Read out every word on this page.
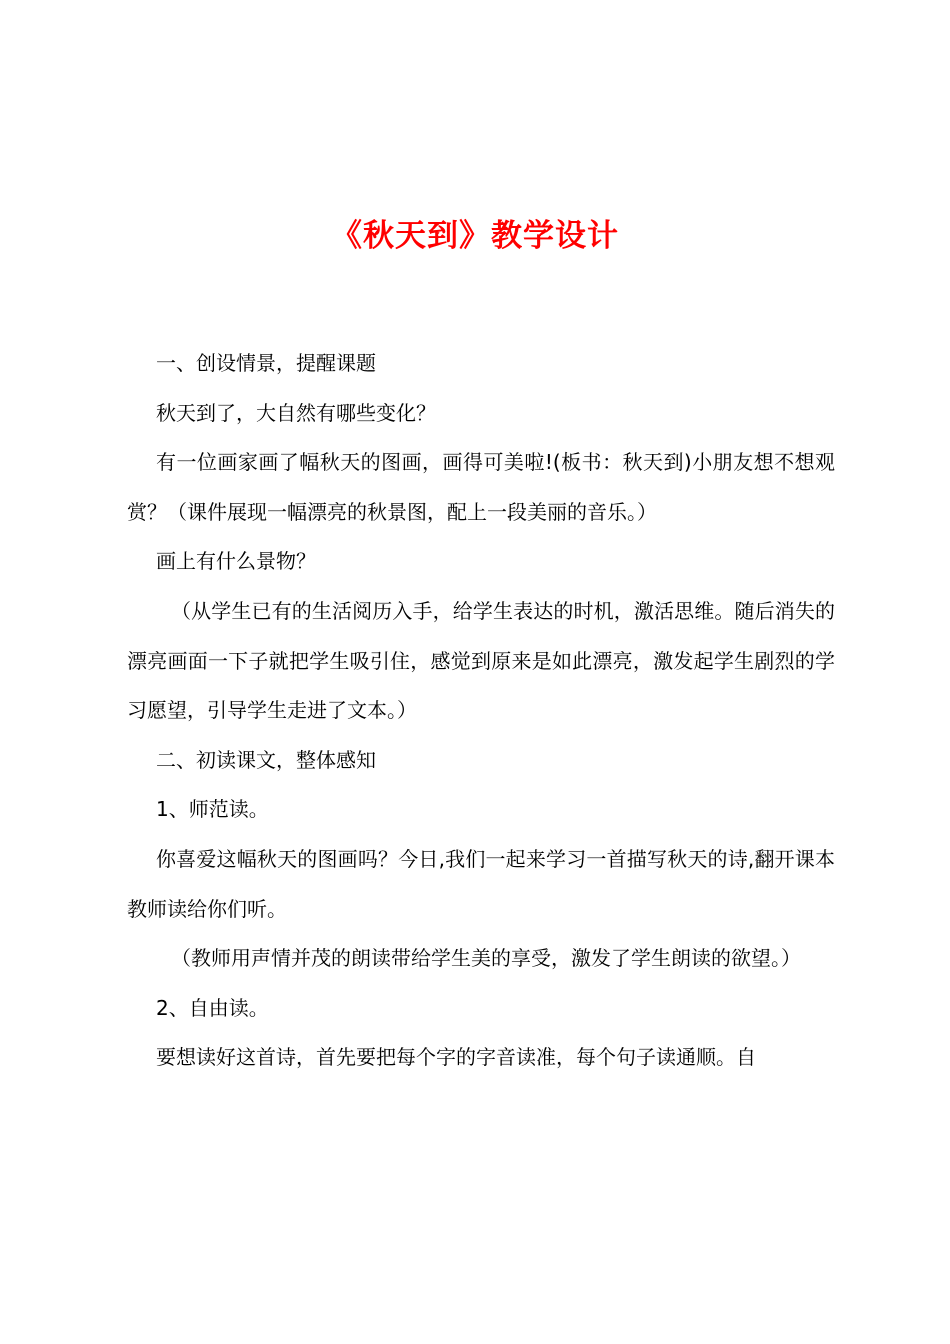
《秋天到》教学设计

一、创设情景，提醒课题

秋天到了，大自然有哪些变化？

有一位画家画了幅秋天的图画，画得可美啦!(板书：秋天到)小朋友想不想观赏？（课件展现一幅漂亮的秋景图，配上一段美丽的音乐。）

画上有什么景物？

（从学生已有的生活阅历入手，给学生表达的时机，激活思维。随后消失的漂亮画面一下子就把学生吸引住，感觉到原来是如此漂亮，激发起学生剧烈的学习愿望，引导学生走进了文本。）

二、初读课文，整体感知

1、师范读。

你喜爱这幅秋天的图画吗？今日,我们一起来学习一首描写秋天的诗,翻开课本教师读给你们听。

（教师用声情并茂的朗读带给学生美的享受，激发了学生朗读的欲望。）

2、自由读。

要想读好这首诗，首先要把每个字的字音读准，每个句子读通顺。自
